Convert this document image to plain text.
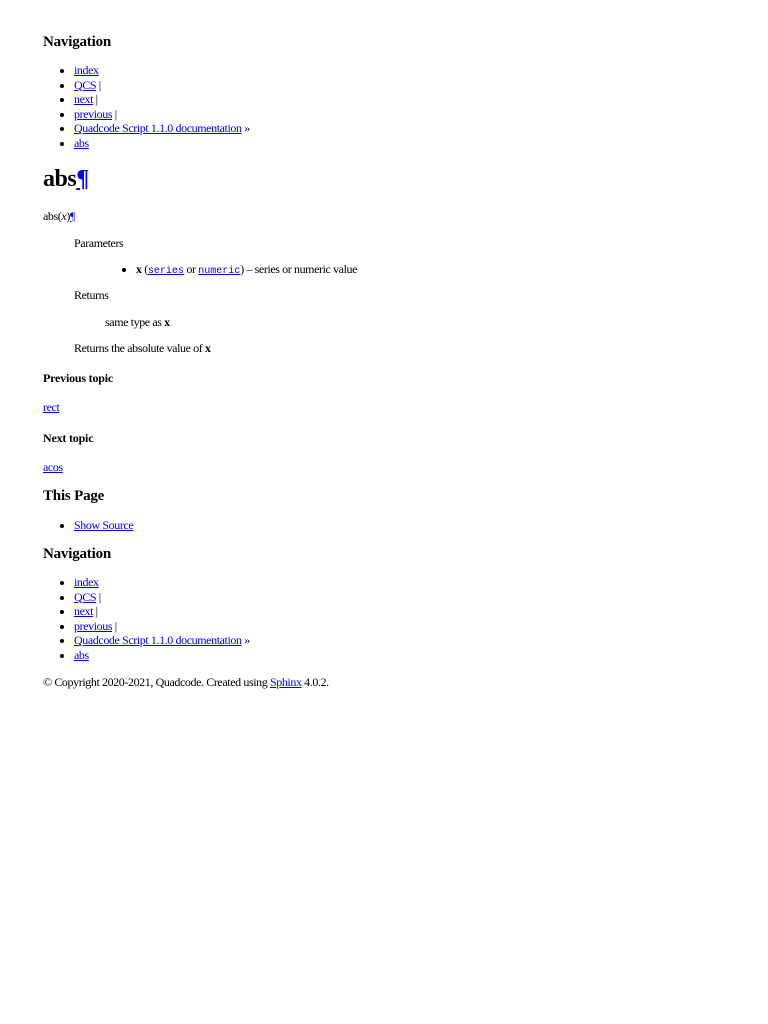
Navigation
• index
• QCS |
• next |
• previous |
• Quadcode Script 1.1.0 documentation »
• abs
abs¶
abs(x)¶
Parameters
• x (series or numeric) – series or numeric value
Returns
same type as x
Returns the absolute value of x
Previous topic
rect
Next topic
acos
This Page
• Show Source
Navigation
• index
• QCS |
• next |
• previous |
• Quadcode Script 1.1.0 documentation »
• abs
© Copyright 2020-2021, Quadcode. Created using Sphinx 4.0.2.
